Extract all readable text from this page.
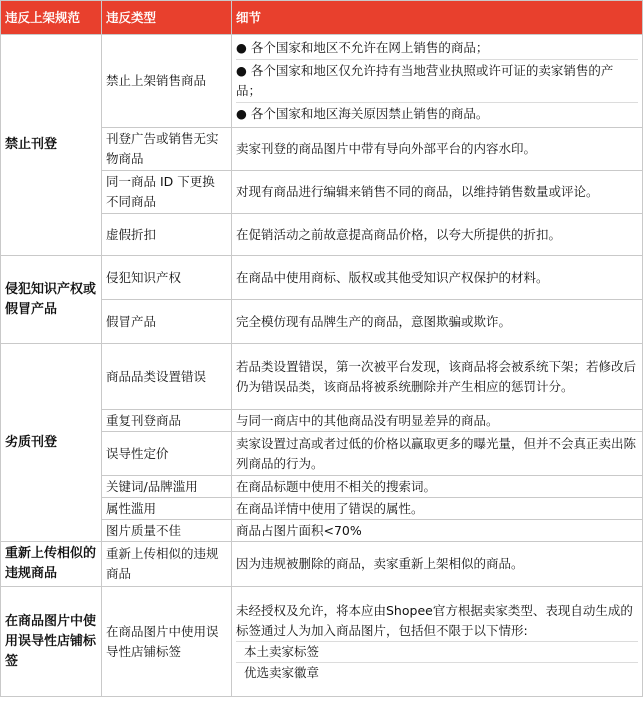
违反上架规范	违反类型	细节
禁止刊登	禁止上架销售商品	● 各个国家和地区不允许在网上销售的商品；
● 各个国家和地区仅允许持有当地营业执照或许可证的卖家销售的产品；
● 各个国家和地区海关原因禁止销售的商品。

	刊登广告或销售无实物商品	卖家刊登的商品图片中带有导向外部平台的内容水印。
	同一商品 ID 下更换不同商品	对现有商品进行编辑来销售不同的商品，以维持销售数量或评论。
	虚假折扣	在促销活动之前故意提高商品价格，以夸大所提供的折扣。
侵犯知识产权或假冒产品	侵犯知识产权	在商品中使用商标、版权或其他受知识产权保护的材料。
	假冒产品	完全模仿现有品牌生产的商品，意图欺骗或欺诈。
劣质刊登	商品品类设置错误	若品类设置错误，第一次被平台发现，该商品将会被系统下架；若修改后仍为错误品类，该商品将被系统删除并产生相应的惩罚计分。
	重复刊登商品	与同一商店中的其他商品没有明显差异的商品。
	误导性定价	卖家设置过高或者过低的价格以赢取更多的曝光量，但并不会真正卖出陈列商品的行为。
	关键词/品牌滥用	在商品标题中使用不相关的搜索词。
	属性滥用	在商品详情中使用了错误的属性。
	图片质量不佳	商品占图片面积<70%
重新上传相似的违规商品	重新上传相似的违规商品	因为违规被删除的商品，卖家重新上架相似的商品。
在商品图片中使用误导性店铺标签	在商品图片中使用误导性店铺标签	未经授权及允许，将本应由Shopee官方根据卖家类型、表现自动生成的标签通过人为加入商品图片，包括但不限于以下情形:
本土卖家标签
优选卖家徽章
